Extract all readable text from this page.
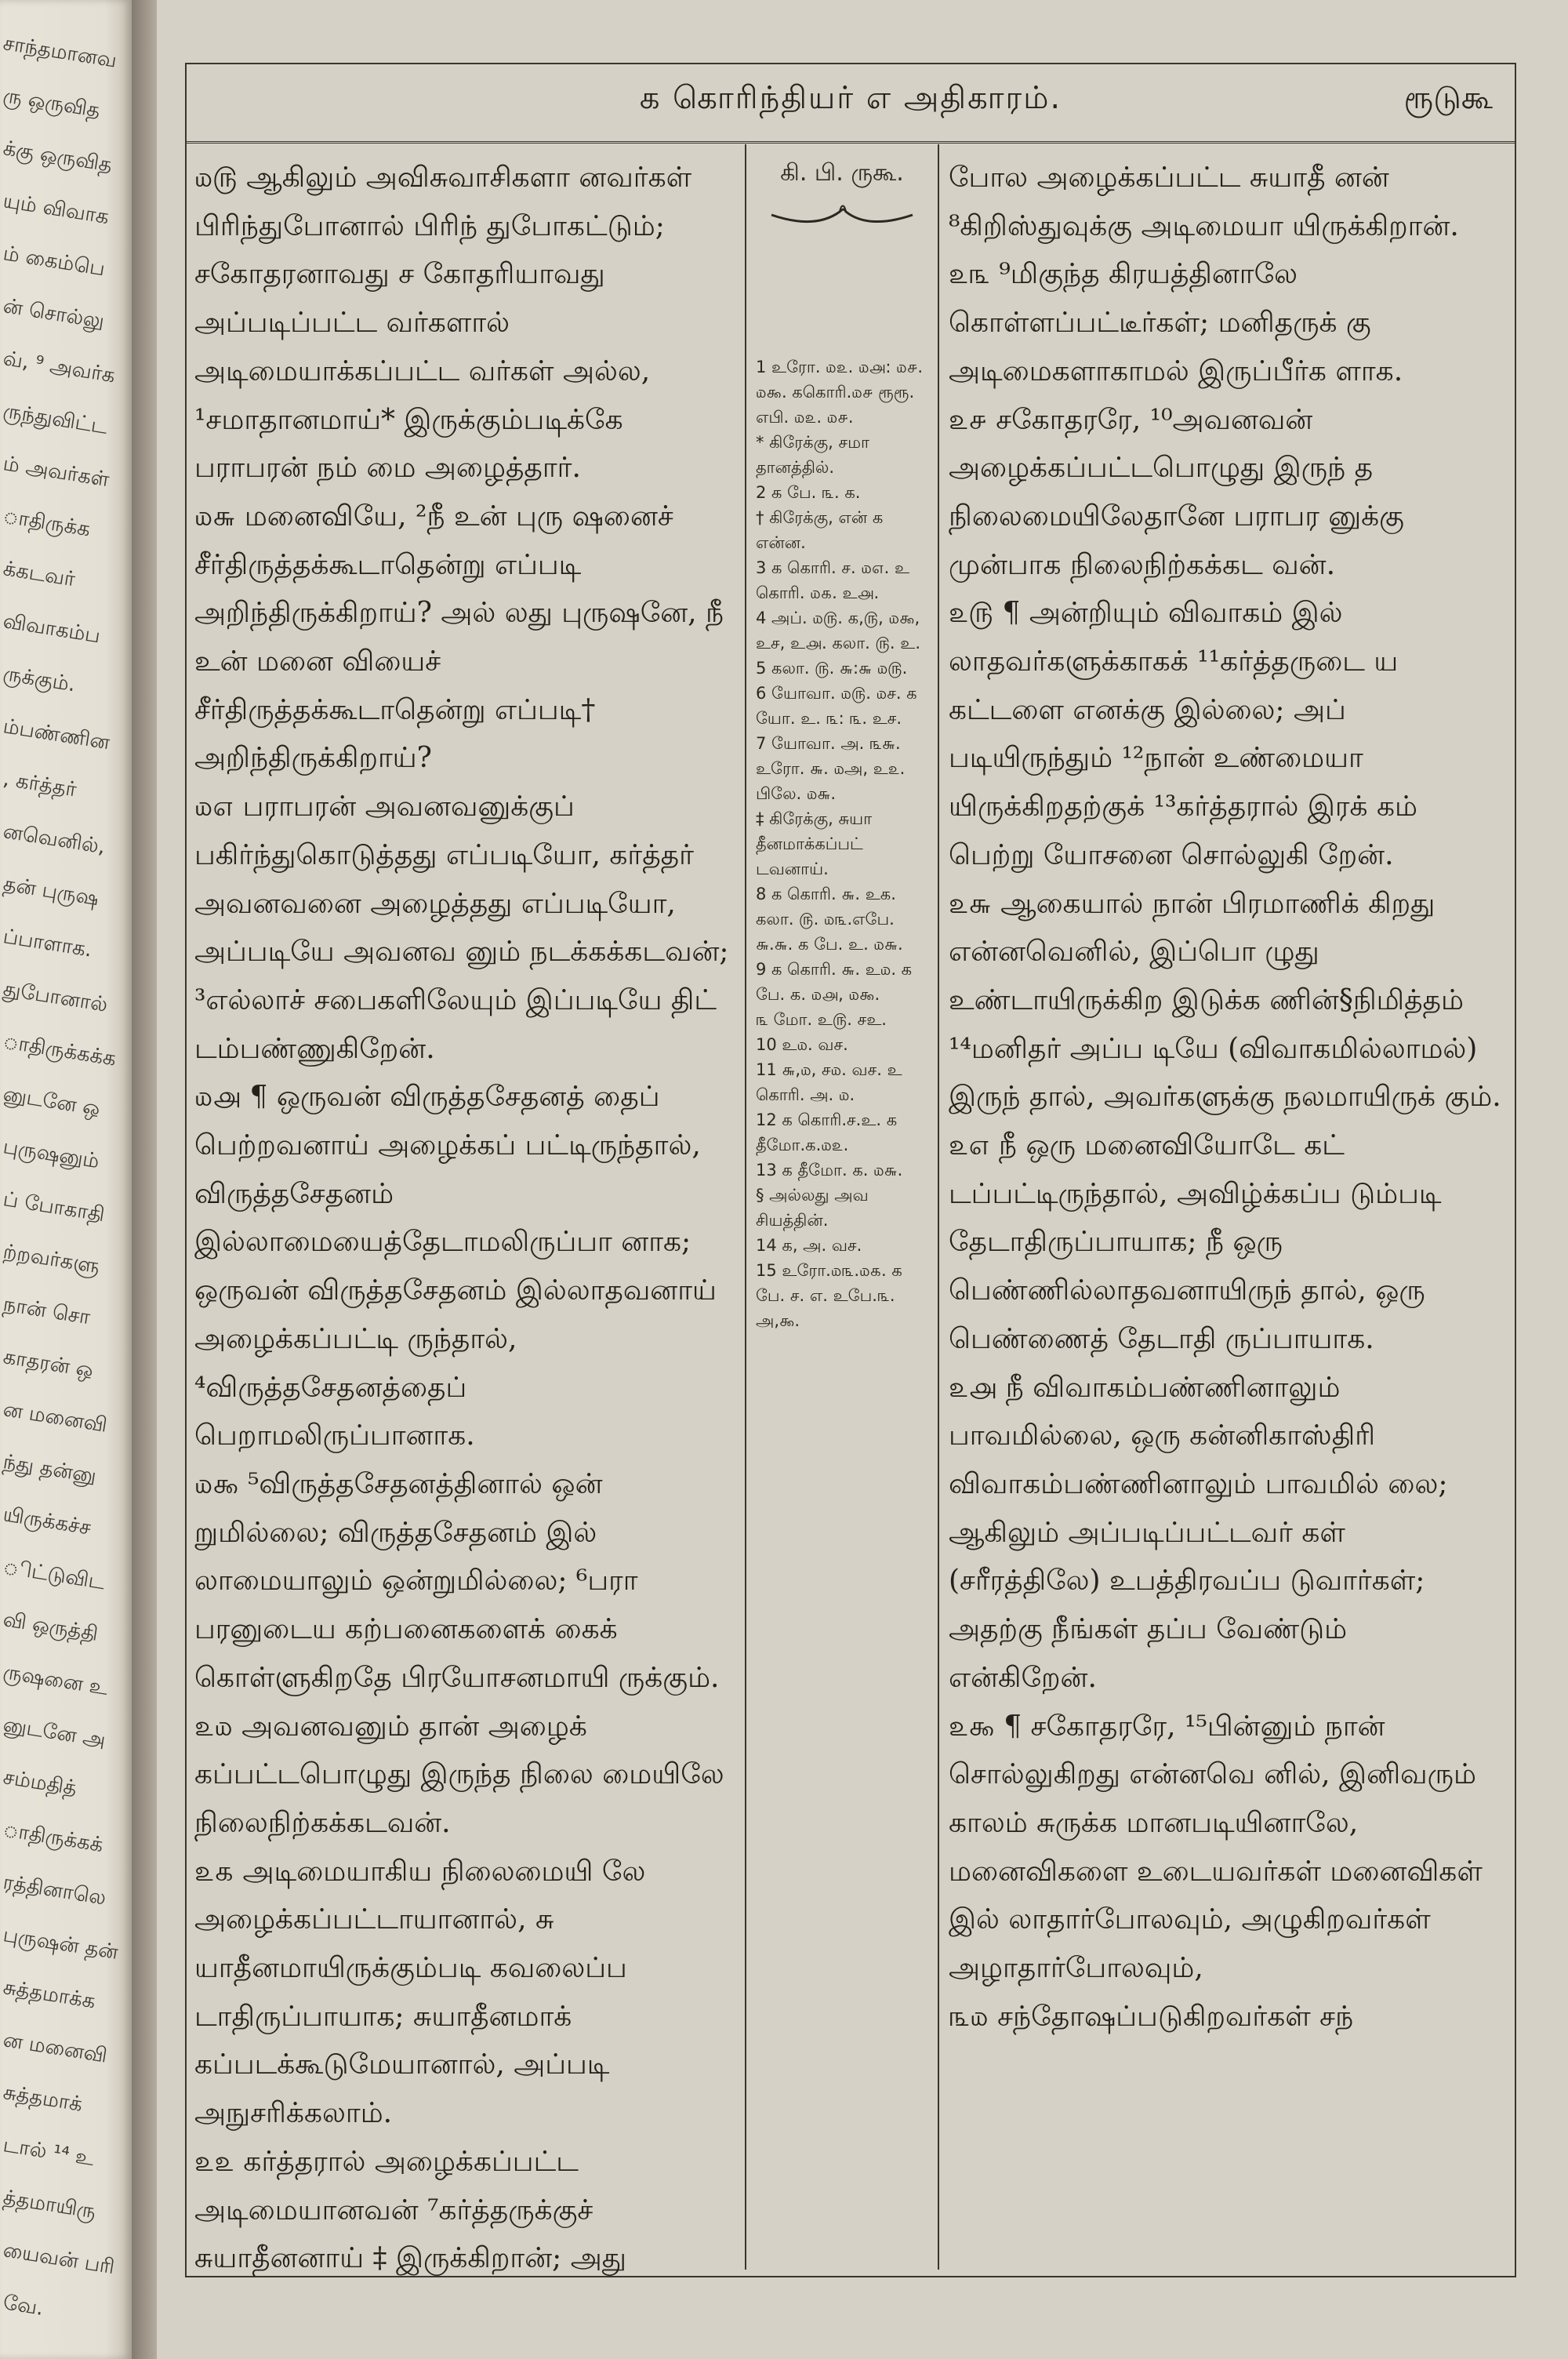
சாந்தமானவ
ரு ஒருவித
க்கு ஒருவித
யும் விவாக
ம் கைம்பெ
ன் சொல்லு
வ், ⁹ அவர்க
ருந்துவிட்ட
ம் அவர்கள்
ாதிருக்க
க்கடவர்
விவாகம்ப
ருக்கும்.
ம்பண்ணின
, கர்த்தர்
னவெனில்,
தன் புருஷ
ப்பாளாக.
துபோனால்
ாதிருக்கக்க
னுடனே ஒ
புருஷனும்
ப் போகாதி
ற்றவர்களு
நான் சொ
காதரன் ஒ
ன மனைவி
ந்து தன்னு
யிருக்கச்ச
ிட்டுவிட
வி ஒருத்தி
ருஷனை உ
னுடனே அ
சம்மதித்
ாதிருக்கக்
ரத்தினாலெ
புருஷன் தன்
சுத்தமாக்க
ன மனைவி
சுத்தமாக்
டால் ¹⁴ உ
த்தமாயிரு
யைவன் பரி
வே.
க கொரிந்தியர் எ அதிகாரம்.	ரூடுகூ

௰௫ ஆகிலும் அவிசுவாசிகளா னவர்கள் பிரிந்துபோனால் பிரிந் துபோகட்டும்; சகோதரனாவது ச கோதரியாவது அப்படிப்பட்ட வர்களால் அடிமையாக்கப்பட்ட வர்கள் அல்ல, ¹சமாதானமாய்* இருக்கும்படிக்கே பராபரன் நம் மை அழைத்தார்.

௰௬ மனைவியே, ²நீ உன் புரு ஷனைச் சீர்திருத்தக்கூடாதென்று எப்படி அறிந்திருக்கிறாய்? அல் லது புருஷனே, நீ உன் மனை வியைச் சீர்திருத்தக்கூடாதென்று எப்படி† அறிந்திருக்கிறாய்?

௰௭ பராபரன் அவனவனுக்குப் பகிர்ந்துகொடுத்தது எப்படியோ, கர்த்தர் அவனவனை அழைத்தது எப்படியோ, அப்படியே அவனவ னும் நடக்கக்கடவன்; ³எல்லாச் சபைகளிலேயும் இப்படியே திட் டம்பண்ணுகிறேன்.

௰௮ ¶ ஒருவன் விருத்தசேதனத் தைப் பெற்றவனாய் அழைக்கப் பட்டிருந்தால், விருத்தசேதனம் இல்லாமையைத்தேடாமலிருப்பா னாக; ஒருவன் விருத்தசேதனம் இல்லாதவனாய் அழைக்கப்பட்டி ருந்தால், ⁴விருத்தசேதனத்தைப் பெறாமலிருப்பானாக.

௰௯ ⁵விருத்தசேதனத்தினால் ஒன் றுமில்லை; விருத்தசேதனம் இல் லாமையாலும் ஒன்றுமில்லை; ⁶பரா பரனுடைய கற்பனைகளைக் கைக் கொள்ளுகிறதே பிரயோசனமாயி ருக்கும்.

௨௰ அவனவனும் தான் அழைக் கப்பட்டபொழுது இருந்த நிலை மையிலே நிலைநிற்கக்கடவன்.

௨௧ அடிமையாகிய நிலைமையி லே அழைக்கப்பட்டாயானால், சு யாதீனமாயிருக்கும்படி கவலைப்ப டாதிருப்பாயாக; சுயாதீனமாக் கப்படக்கூடுமேயானால், அப்படி அநுசரிக்கலாம்.

௨௨ கர்த்தரால் அழைக்கப்பட்ட அடிமையானவன் ⁷கர்த்தருக்குச் சுயாதீனனாய் ‡ இருக்கிறான்; அது

கி. பி. ருகூ.

1 உரோ. ௰௨. ௰௮: ௰௪. ௰௯. ககொரி.௰௪ ரூரூ. எபி. ௰௨. ௰௪.

* கிரேக்கு, சமா தானத்தில்.

2 க பே. ௩. க.

† கிரேக்கு, என் க என்ன.

3 க கொரி. ச. ௰௭. உ கொரி. ௰௧. உ௮.

4 அப். ௰௫. க,௫, ௰௯, உச, உ௮. கலா. ௫. உ.

5 கலா. ௫. ௬:௬ ௰௫.

6 யோவா. ௰௫. ௰ச. க யோ. உ. ௩: ௩. உச.

7 யோவா. அ. ௩௬. உரோ. ௬. ௰அ, உ௨. பிலே. ௰௬.

‡ கிரேக்கு, சுயா தீனமாக்கப்பட் டவனாய்.

8 க கொரி. ௬. உக. கலா. ௫. ௰௩.எபே. ௬.௬. க பே. உ. ௰௬.

9 க கொரி. ௬. உ௰. க பே. க. ௰௮, ௰௯.

௩ மோ. உ௫. சஉ.

10 உ௰. வச.

11 ௬,௰, ச௰. வச. உ கொரி. அ. ௰.

12 க கொரி.ச.உ. க தீமோ.க.௰௨.

13 க தீமோ. க. ௰௬.

§ அல்லது அவ சியத்தின்.

14 க, அ. வச.

15 உரோ.௰௩.௰௧. க பே. ச. எ. உபே.௩. அ,௯.

போல அழைக்கப்பட்ட சுயாதீ னன் ⁸கிறிஸ்துவுக்கு அடிமையா யிருக்கிறான்.

௨௩ ⁹மிகுந்த கிரயத்தினாலே கொள்ளப்பட்டீர்கள்; மனிதருக் கு அடிமைகளாகாமல் இருப்பீர்க ளாக.

௨௪ சகோதரரே, ¹⁰அவனவன் அழைக்கப்பட்டபொழுது இருந் த நிலைமையிலேதானே பராபர னுக்கு முன்பாக நிலைநிற்கக்கட வன்.

௨௫ ¶ அன்றியும் விவாகம் இல் லாதவர்களுக்காகக் ¹¹கர்த்தருடை ய கட்டளை எனக்கு இல்லை; அப் படியிருந்தும் ¹²நான் உண்மையா யிருக்கிறதற்குக் ¹³கர்த்தரால் இரக் கம் பெற்று யோசனை சொல்லுகி றேன்.

௨௬ ஆகையால் நான் பிரமாணிக் கிறது என்னவெனில், இப்பொ ழுது உண்டாயிருக்கிற இடுக்க ணின்§நிமித்தம் ¹⁴மனிதர் அப்ப டியே (விவாகமில்லாமல்) இருந் தால், அவர்களுக்கு நலமாயிருக் கும்.

௨௭ நீ ஒரு மனைவியோடே கட் டப்பட்டிருந்தால், அவிழ்க்கப்ப டும்படி தேடாதிருப்பாயாக; நீ ஒரு பெண்ணில்லாதவனாயிருந் தால், ஒரு பெண்ணைத் தேடாதி ருப்பாயாக.

௨௮ நீ விவாகம்பண்ணினாலும் பாவமில்லை, ஒரு கன்னிகாஸ்திரி விவாகம்பண்ணினாலும் பாவமில் லை; ஆகிலும் அப்படிப்பட்டவர் கள் (சரீரத்திலே) உபத்திரவப்ப டுவார்கள்; அதற்கு நீங்கள் தப்ப வேண்டும் என்கிறேன்.

௨௯ ¶ சகோதரரே, ¹⁵பின்னும் நான் சொல்லுகிறது என்னவெ னில், இனிவரும் காலம் சுருக்க மானபடியினாலே, மனைவிகளை உடையவர்கள் மனைவிகள் இல் லாதார்போலவும், அழுகிறவர்கள் அழாதார்போலவும்,

௩௰ சந்தோஷப்படுகிறவர்கள் சந்
